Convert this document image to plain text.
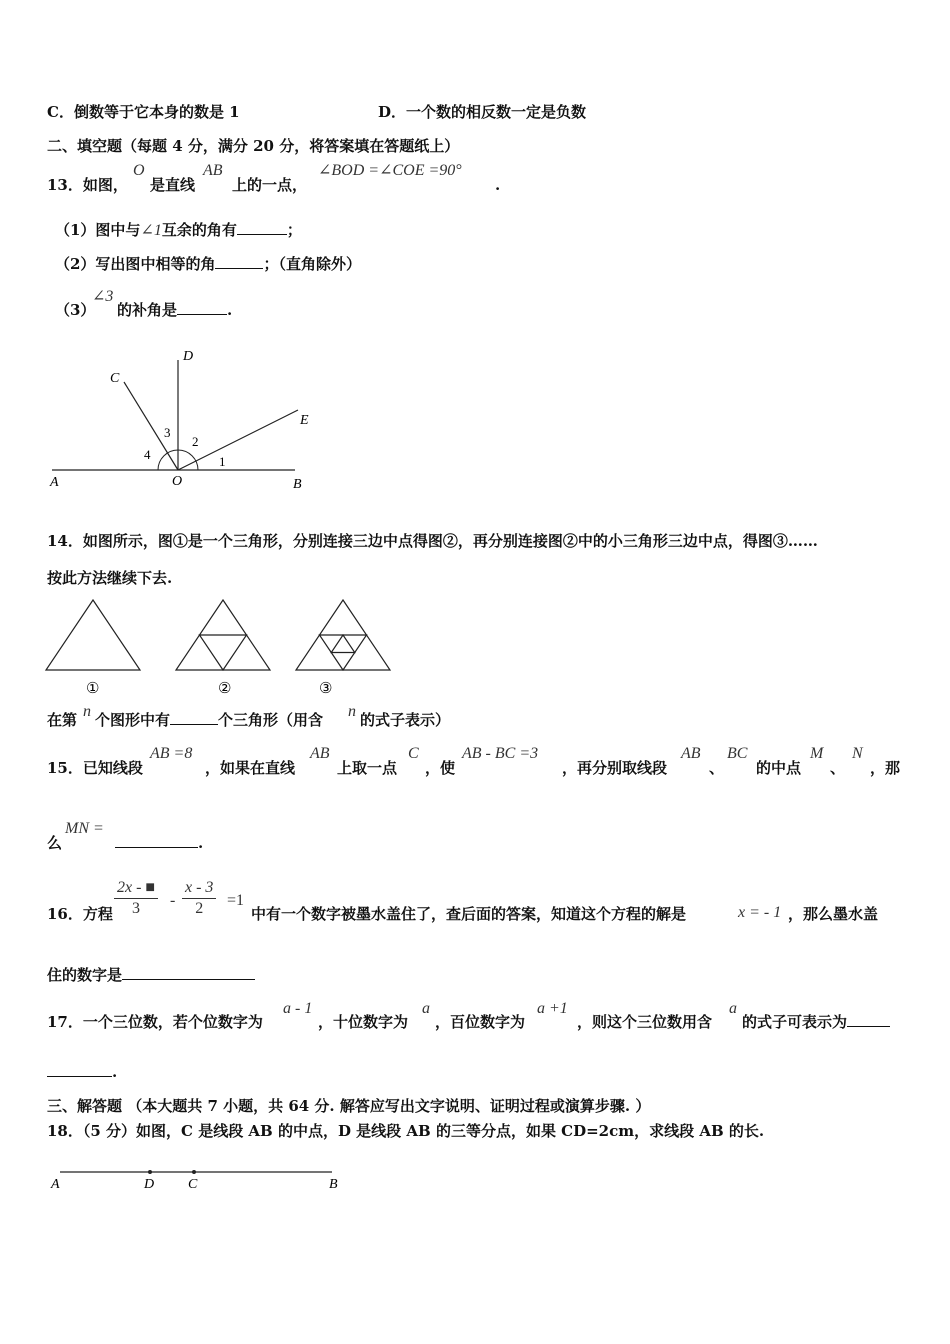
C．倒数等于它本身的数是 1	D．一个数的相反数一定是负数
二、填空题（每题 4 分，满分 20 分，将答案填在答题纸上）
13．如图，
O
是直线
AB
上的一点，
∠BOD =∠COE =90°
.
（1）图中与∠1互余的角有	；
（2）写出图中相等的角	；（直角除外）
（3）
∠3
的补角是	.
A	O	B
C
D
E
1
2
3
4
14．如图所示，图①是一个三角形，分别连接三边中点得图②，再分别连接图②中的小三角形三边中点，得图③……
按此方法继续下去.
①	②	③
在第 n 个图形中有	个三角形（用含 n 的式子表示）
15．已知线段
AB =8
，如果在直线
AB
上取一点
C
，使
AB - BC =3
，再分别取线段
AB
、
BC
的中点
M
、
N
，那
么
MN =
.
16．方程 $\frac{2x - ■}{3} - \frac{x - 3}{2} =1$
中有一个数字被墨水盖住了，查后面的答案，知道这个方程的解是	x = - 1 ，那么墨水盖
住的数字是
17．一个三位数，若个位数字为
a - 1
，十位数字为
a
，百位数字为
a +1
，则这个三位数用含
a
的式子可表示为
.
三、解答题 （本大题共 7 小题，共 64 分. 解答应写出文字说明、证明过程或演算步骤. ）
18．（5 分）如图，C 是线段 AB 的中点，D 是线段 AB 的三等分点，如果 CD=2cm，求线段 AB 的长.
A	D C	B
